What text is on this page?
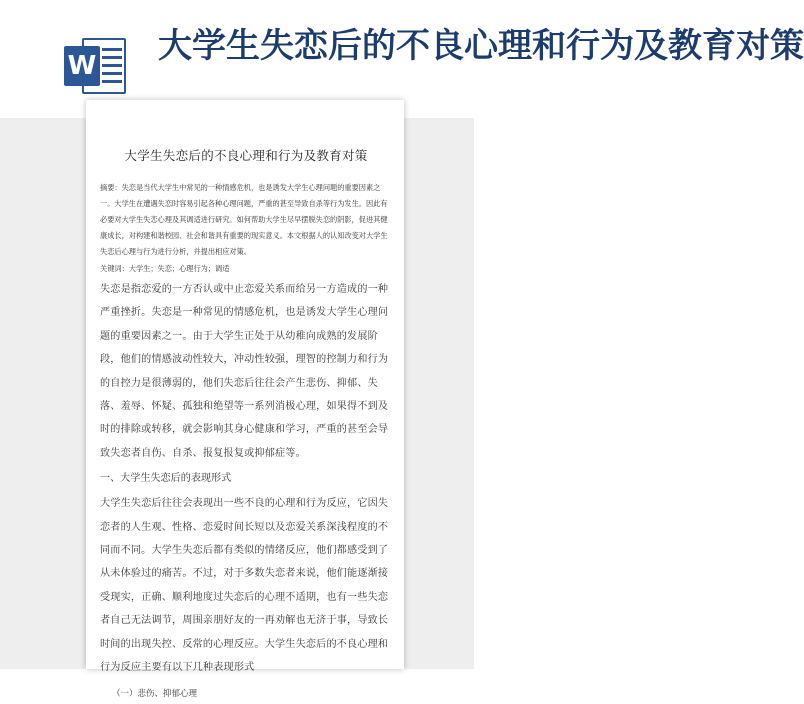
W 大学生失恋后的不良心理和行为及教育对策
大学生失恋后的不良心理和行为及教育对策

摘要：失恋是当代大学生中常见的一种情感危机，也是诱发大学生心理问题的重要因素之一。大学生在遭遇失恋时容易引起各种心理问题，严重的甚至导致自杀等行为发生。因此有必要对大学生失恋心理及其调适进行研究。如何帮助大学生尽早摆脱失恋的阴影，促进其健康成长，对构建和谐校园、社会和谐具有重要的现实意义。本文根据人的认知改变对大学生失恋后心理与行为进行分析，并提出相应对策。

关键词：大学生；失恋；心理行为；调适

失恋是指恋爱的一方否认或中止恋爱关系而给另一方造成的一种严重挫折。失恋是一种常见的情感危机，也是诱发大学生心理问题的重要因素之一。由于大学生正处于从幼稚向成熟的发展阶段，他们的情感波动性较大，冲动性较强，理智的控制力和行为的自控力是很薄弱的，他们失恋后往往会产生悲伤、抑郁、失落、羞辱、怀疑、孤独和绝望等一系列消极心理，如果得不到及时的排除或转移，就会影响其身心健康和学习，严重的甚至会导致失恋者自伤、自杀、报复报复或抑郁症等。

一、大学生失恋后的表现形式

大学生失恋后往往会表现出一些不良的心理和行为反应，它因失恋者的人生观、性格、恋爱时间长短以及恋爱关系深浅程度的不同而不同。大学生失恋后都有类似的情绪反应，他们都感受到了从未体验过的痛苦。不过，对于多数失恋者来说，他们能逐渐接受现实，正确、顺利地度过失恋后的心理不适期，也有一些失恋者自己无法调节，周围亲朋好友的一再劝解也无济于事，导致长时间的出现失控、反常的心理反应。大学生失恋后的不良心理和行为反应主要有以下几种表现形式

（一）悲伤、抑郁心理
